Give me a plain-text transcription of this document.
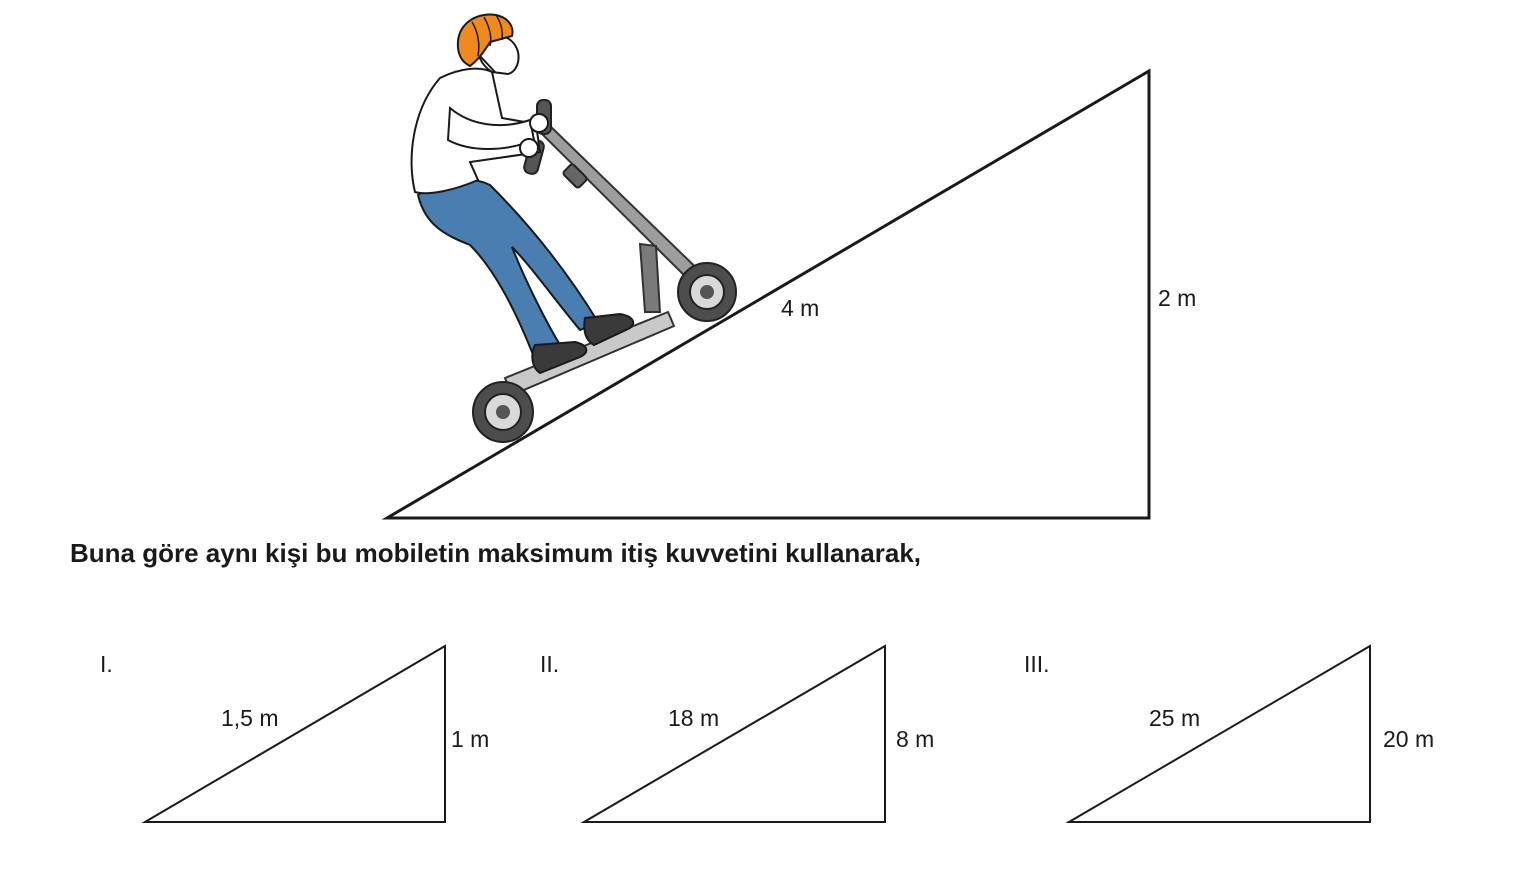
4 m	2 m
I.
1,5 m
1 m
II.
18 m
8 m
III.
25 m
20 m
Buna göre aynı kişi bu mobiletin maksimum itiş kuvvetini kullanarak,
